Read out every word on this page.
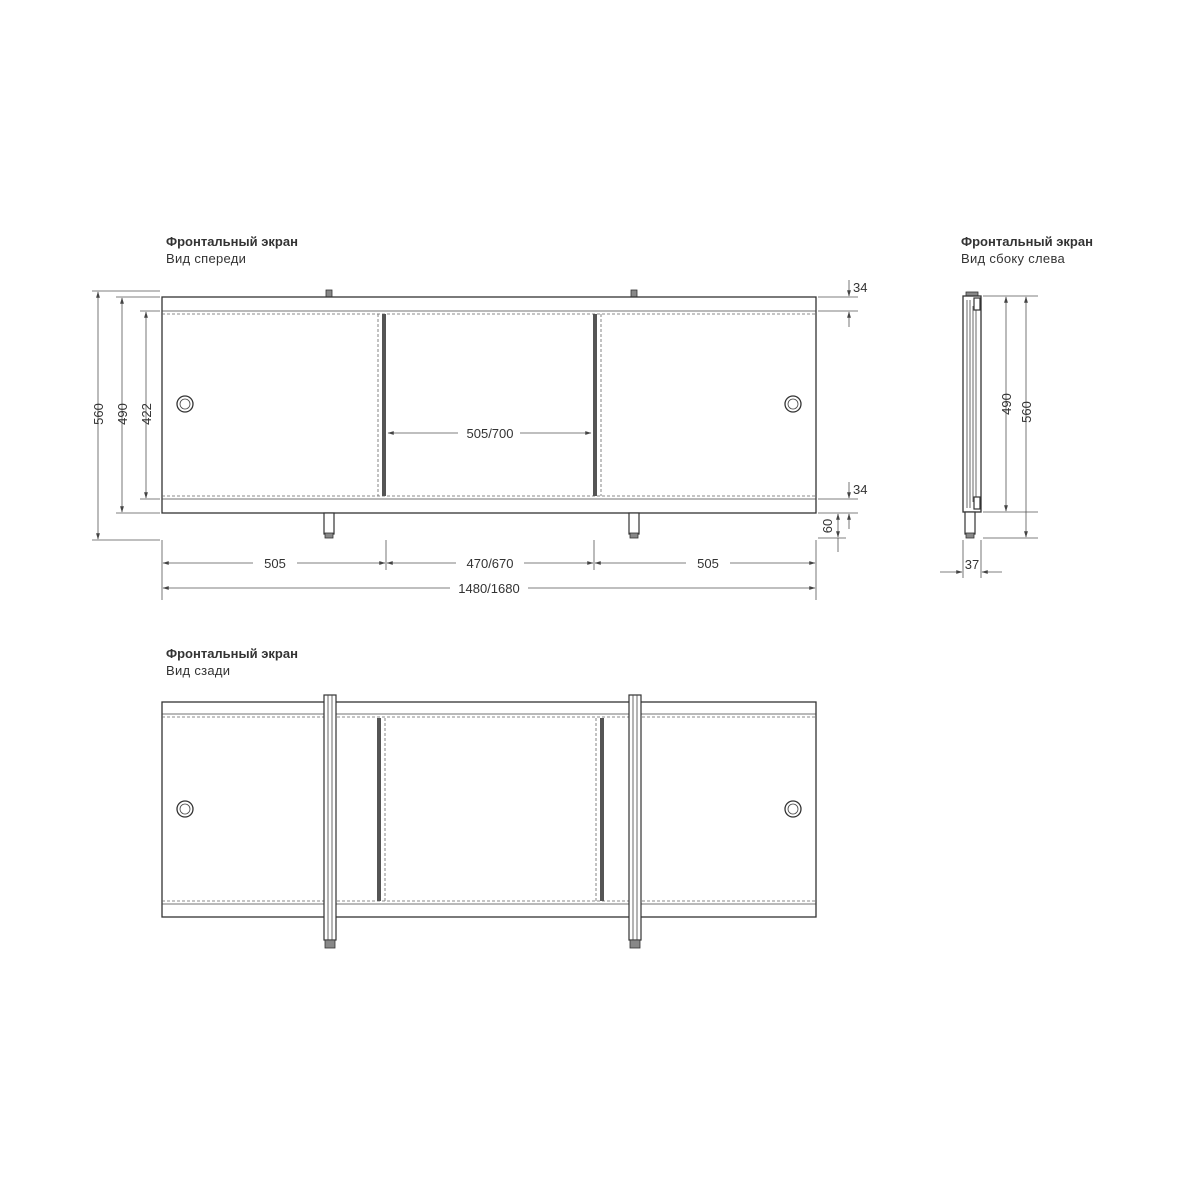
Фронтальный экран
Вид спереди
Фронтальный экран
Вид сбоку слева
Фронтальный экран
Вид сзади
505/700
560 490 422
34
34
60
505	470/670	505
1480/1680
490 560
37
